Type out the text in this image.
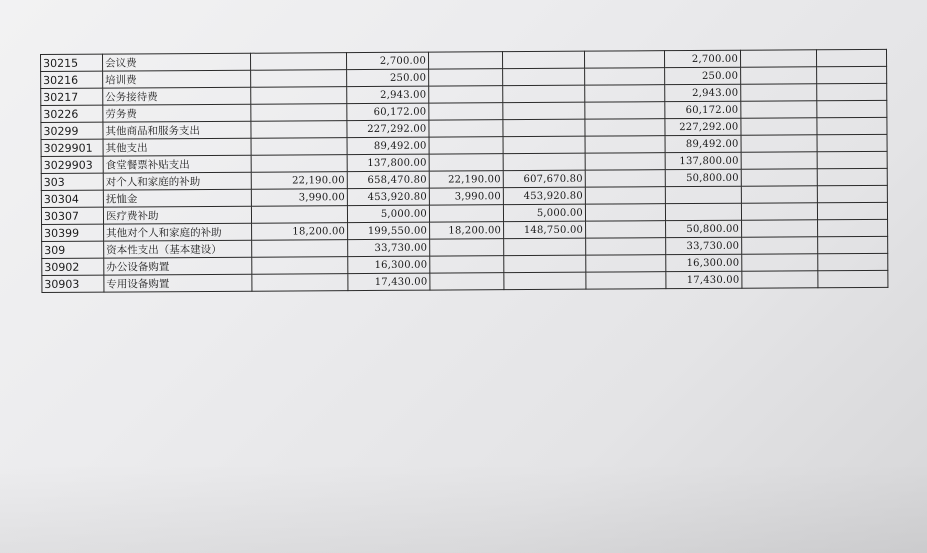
30215	会议费		2,700.00				2,700.00		
30216	培训费		250.00				250.00		
30217	公务接待费		2,943.00				2,943.00		
30226	劳务费		60,172.00				60,172.00		
30299	其他商品和服务支出		227,292.00				227,292.00		
3029901	其他支出		89,492.00				89,492.00		
3029903	食堂餐票补贴支出		137,800.00				137,800.00		
303	对个人和家庭的补助	22,190.00	658,470.80	22,190.00	607,670.80		50,800.00		
30304	抚恤金	3,990.00	453,920.80	3,990.00	453,920.80				
30307	医疗费补助		5,000.00		5,000.00				
30399	其他对个人和家庭的补助	18,200.00	199,550.00	18,200.00	148,750.00		50,800.00		
309	资本性支出（基本建设）		33,730.00				33,730.00		
30902	办公设备购置		16,300.00				16,300.00		
30903	专用设备购置		17,430.00				17,430.00		
